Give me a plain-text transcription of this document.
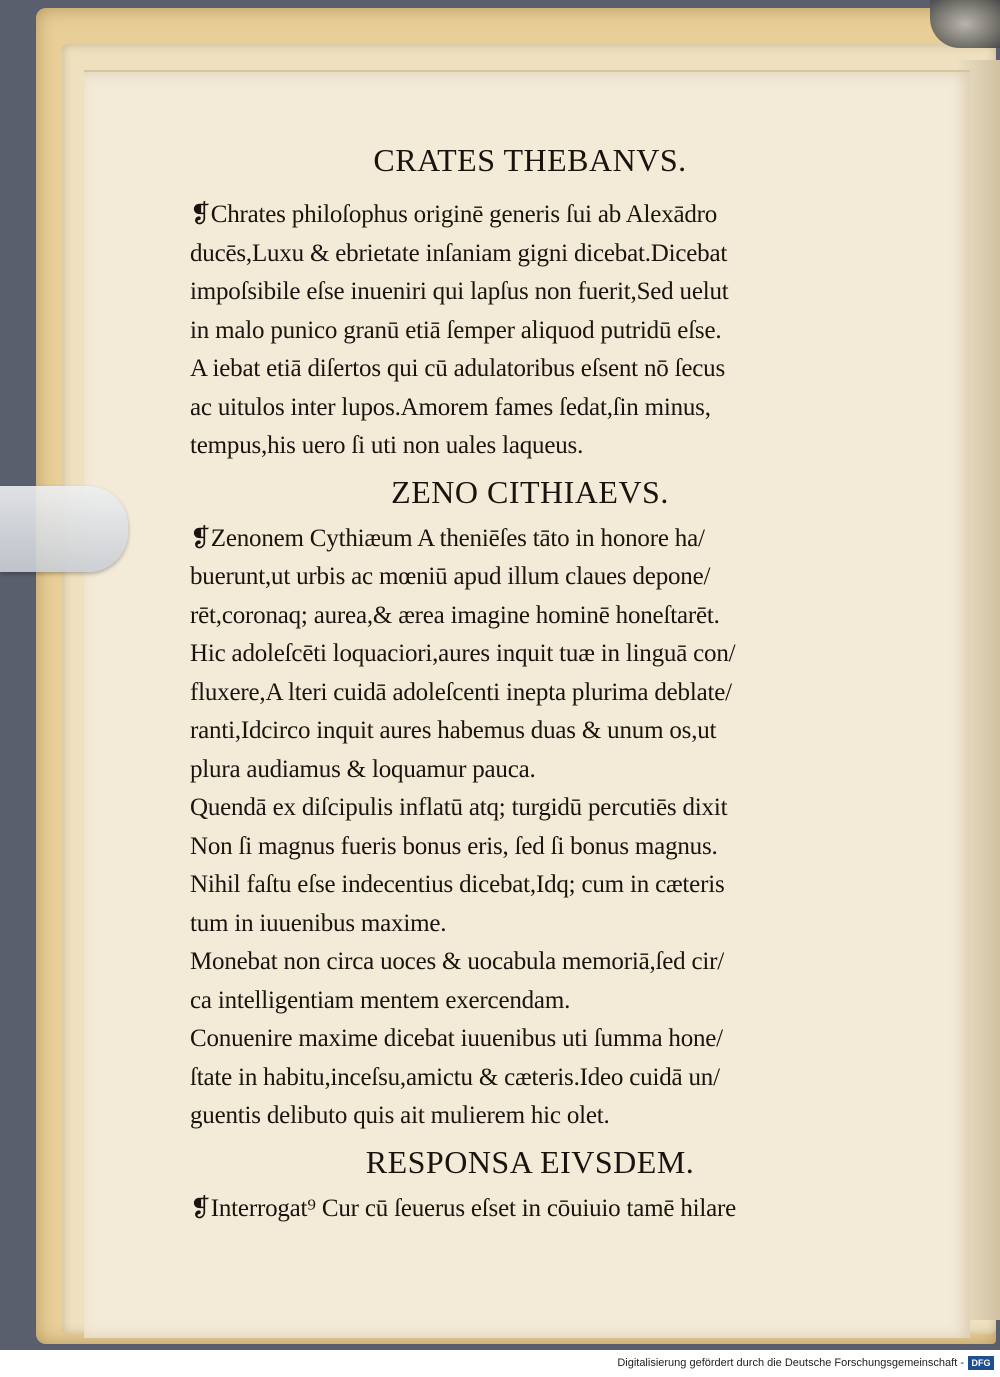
CRATES THEBANVS.
❡Chrates philoſophus originē generis ſui ab Alexādro
ducēs,Luxu & ebrietate inſaniam gigni dicebat.Dicebat
impoſsibile eſse inueniri qui lapſus non fuerit,Sed uelut
in malo punico granū etiā ſemper aliquod putridū eſse.
A iebat etiā diſertos qui cū adulatoribus eſsent nō ſecus
ac uitulos inter lupos.Amorem fames ſedat,ſin minus,
tempus,his uero ſi uti non uales laqueus.
ZENO CITHIAEVS.
❡Zenonem Cythiæum A theniēſes tāto in honore ha/
buerunt,ut urbis ac mœniū apud illum claues depone/
rēt,coronaq; aurea,& ærea imagine hominē honeſtarēt.
Hic adoleſcēti loquaciori,aures inquit tuæ in linguā con/
fluxere,A lteri cuidā adoleſcenti inepta plurima deblate/
ranti,Idcirco inquit aures habemus duas & unum os,ut
plura audiamus & loquamur pauca.
Quendā ex diſcipulis inflatū atq; turgidū percutiēs dixit
Non ſi magnus fueris bonus eris, ſed ſi bonus magnus.
Nihil faſtu eſse indecentius dicebat,Idq; cum in cæteris
tum in iuuenibus maxime.
Monebat non circa uoces & uocabula memoriā,ſed cir/
ca intelligentiam mentem exercendam.
Conuenire maxime dicebat iuuenibus uti ſumma hone/
ſtate in habitu,inceſsu,amictu & cæteris.Ideo cuidā un/
guentis delibuto quis ait mulierem hic olet.
RESPONSA EIVSDEM.
❡Interrogat⁹ Cur cū ſeuerus eſset in cōuiuio tamē hilare
Digitalisierung gefördert durch die Deutsche Forschungsgemeinschaft - DFG
